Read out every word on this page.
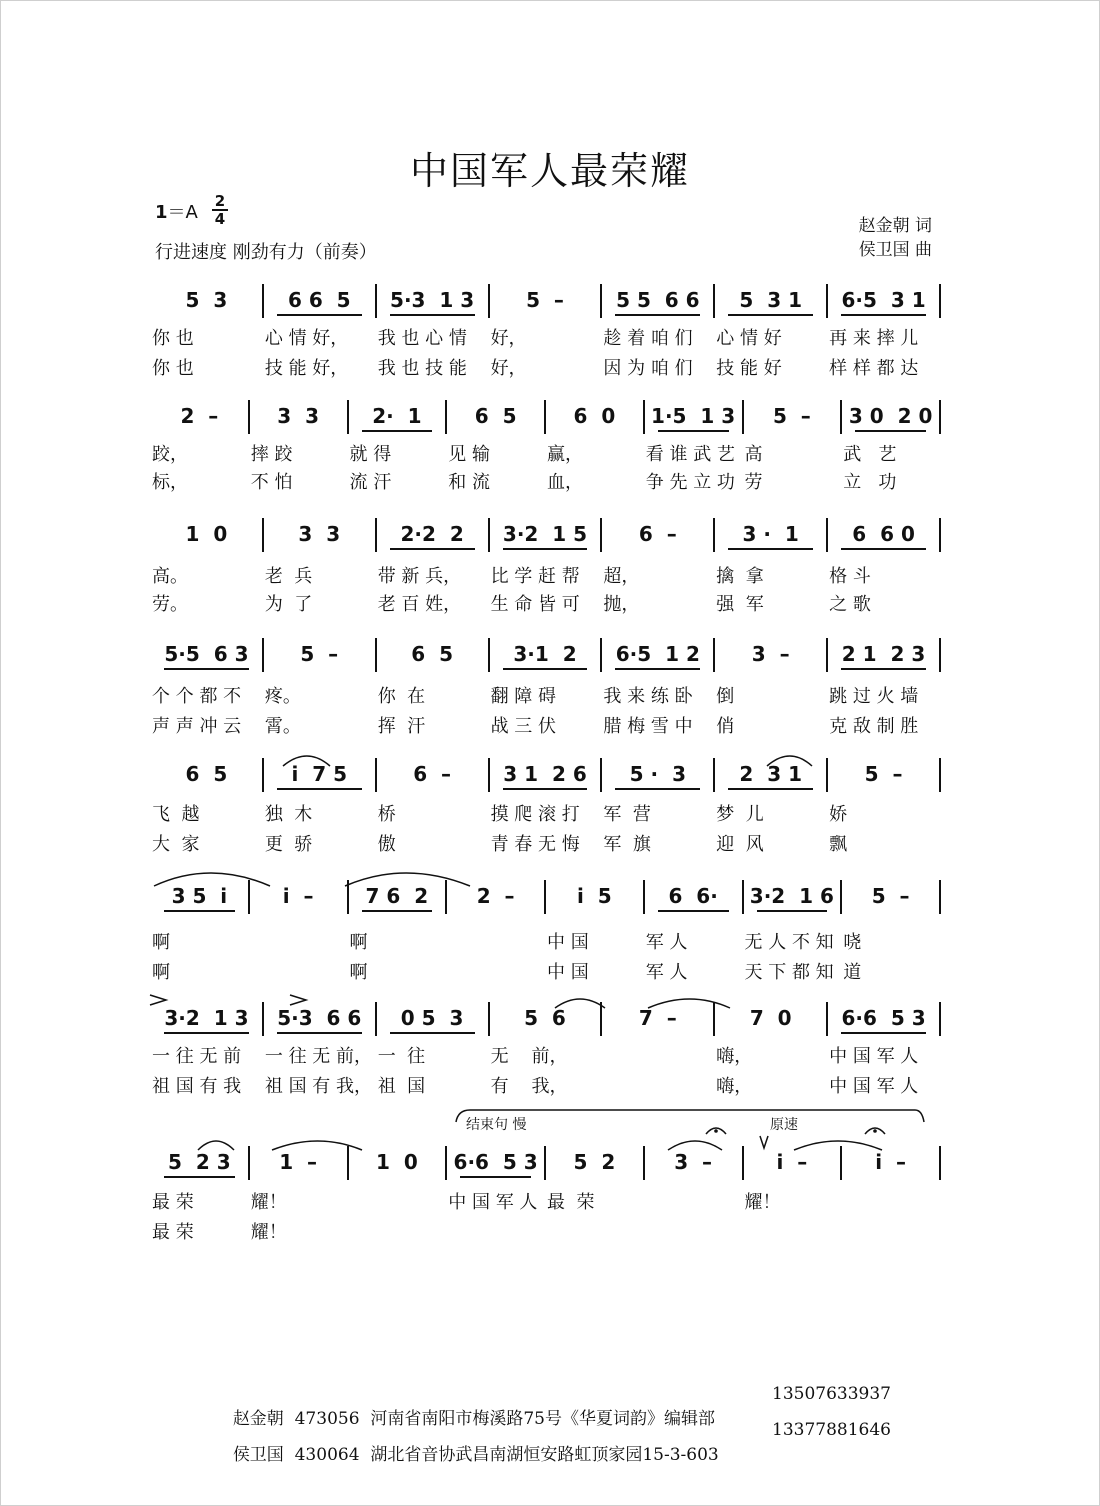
中国军人最荣耀
1＝A
2
4
行进速度 刚劲有力（前奏）
赵金朝 词
侯卫国 曲
5  3	6 6  5	5·3  1 3	5  –	5 5  6 6	5  3 1	6·5  3 1
你 也	心 情 好，	我 也 心 情	好，	趁 着 咱 们	心 情 好	再 来 摔 儿
你 也	技 能 好，	我 也 技 能	好，	因 为 咱 们	技 能 好	样 样 都 达
2  –	3  3	2·  1	6  5	6  0	1·5  1 3	5  –	3 0  2 0
跤，	摔 跤	就 得	见 输	赢，	看 谁 武 艺 高	武   艺
标，	不 怕	流 汗	和 流	血，	争 先 立 功 劳	立   功
1  0	3  3	2·2  2	3·2  1 5	6  –	3 ·  1	6  6 0
高。	老  兵	带 新 兵，	比 学 赶 帮	超，	擒  拿	格 斗
劳。	为  了	老 百 姓，	生 命 皆 可	抛，	强  军	之 歌
5·5  6 3	5  –	6  5	3·1  2	6·5  1 2	3  –	2 1  2 3
个 个 都 不	疼。	你  在	翻 障 碍	我 来 练 卧	倒	跳 过 火 墙
声 声 冲 云	霄。	挥  汗	战 三 伏	腊 梅 雪 中	俏	克 敌 制 胜
6  5	i  7 5	6  –	3 1  2 6	5 ·  3	2  3 1	5  –
飞  越	独  木	桥	摸 爬 滚 打	军  营	梦  儿	娇
大  家	更  骄	傲	青 春 无 悔	军  旗	迎  风	飘
3 5  i	i  –	7 6  2	2  –	i  5	6  6·	3·2  1 6	5  –
啊	啊	中 国	军 人	无 人 不 知 哓
啊	啊	中 国	军 人	天 下 都 知 道
3·2  1 3	5·3  6 6	0 5  3	5  6	7  –	7  0	6·6  5 3
一 往 无 前	一 往 无 前， 一  往	无    前，	嗨，	中 国 军 人
祖 国 有 我	祖 国 有 我， 祖  国	有    我，	嗨，	中 国 军 人
5  2 3	1  –	1  0	6·6  5 3	5  2	3  –	i  –	i  –
最 荣	耀！	中 国 军 人 最  荣	耀！
最 荣	耀！
结束句 慢	原速

赵金朝  473056  河南省南阳市梅溪路75号《华夏词韵》编辑部
13507633937

侯卫国  430064  湖北省音协武昌南湖恒安路虹顶家园15-3-603
13377881646
